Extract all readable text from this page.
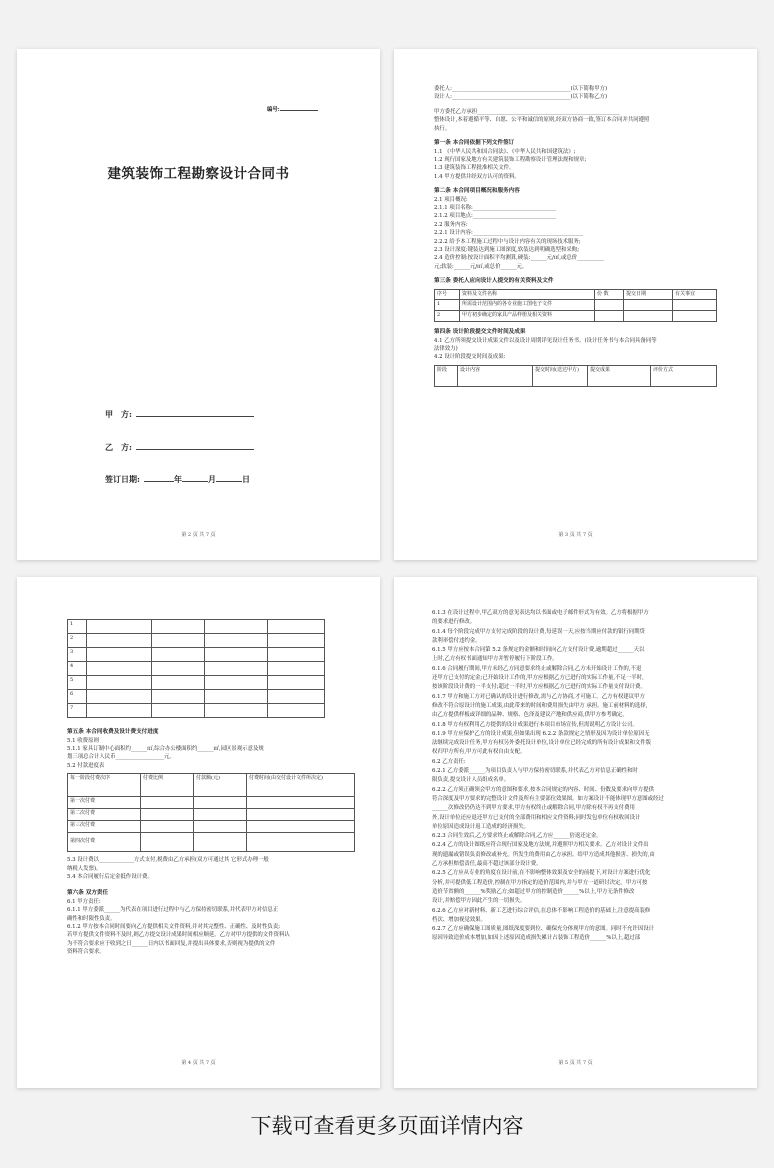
编号:
建筑装饰工程勘察设计合同书
甲　方:
乙　方:
签订日期:	年	月	日
第 2 页 共 7 页
委托人:____________________________________________(以下简称甲方)
设计人:____________________________________________(以下简称乙方)
甲方委托乙方承担_____________________________________________________
整体设计,本着遵循平等、自愿、公平和诚信的原则,经双方协商一致,签订本合同并共同遵照
执行。
第一条 本合同依据下列文件签订
1.1 《中华人民共和国合同法》、《中华人民共和国建筑法》;
1.2 现行国家及地方有关建筑装饰工程勘察设计管理法规和规章;
1.3 建筑装饰工程批准相关文件。
1.4 甲方提供并经双方认可的资料。
第二条 本合同项目概况和服务内容
2.1 项目概况:
2.1.1 项目名称:_______________________________
2.1.2 项目地点:_______________________________
2.2 服务内容:
2.2.1 设计内容:_________________________________________
2.2.2 给予本工程施工过程中与设计内容有关的现场技术服务;
2.3 设计深度:键装达到施工图深度,软装达到明确选型和采购;
2.4 造价控制:按设计面积平均测算,硬装:______元/㎡,或总价__________
元;软装:______元/㎡,或总价______元。
第三条 委托人应向设计人提交的有关资料及文件
序号	资料及文件名称	份 数	提交日期	有关事宜
1	所需设计范围内的各专业施工图电子文件			
2	甲方初步确定的家具产品样册及相关资料			
第四条 设计阶段提交文件时间及成果
4.1 乙方所须提交设计成果文件以及设计周期详见设计任务书。(设计任务书与本合同具备同等
法律效力)
4.2 设计阶段提交时间及成果:
阶段	设计内容	提交时间(送达甲方)	提交成果	评价方式
第 3 页 共 7 页
1				
2				
3				
4				
5				
6				
7				
第五条 本合同收费及设计费支付进度
5.1 收费原则
5.1.1 家具订制中心面积约______㎡,综合办公楼面积约______㎡,园区景观示意及规
划三项总合计人民币__________________元。
5.2 付款进度表
每一阶段付费次序	付费比例	付款额(元)	付费时间(由交付设计文件所决定)
第一次付费			
第二次付费			
第三次付费			
第四次付费			
5.3 设计费以_____________方式支付,税费由乙方承担(双方可通过其 它形式办理一般
纳税人发票)。
5.4 本合同履行后定金抵作设计费。
第六条 双方责任
6.1 甲方责任:
6.1.1 甲方委派______为代表在项目进行过程中与乙方保持密切联系,并代表甲方对信息正
确性和时限性负责。
6.1.2 甲方按本合同时间要向乙方提供相关文件资料,并对其完整性、正确性、及时性负责;
若甲方提供文件资料不及时,则乙方提交设计成果时间相应顺延。乙方对甲方提供的文件资料认
为不符合要求应于收到之日______日内以书面回复,并提出具体要求,否则视为提供的文件
资料符合要求。
第 4 页 共 7 页
6.1.3 在设计过程中,甲乙双方的意见表达均以书面或电子邮件形式为有效。乙方将根据甲方
的要求进行修改。
6.1.4 每个阶段完成甲方支付完成阶段的设计费,每延误一天,应按当期应付款的银行同期贷
款利率偿付违约金。
6.1.5 甲方应按本合同第 5.2 条规定的金额和时间向乙方支付设计费,逾期超过______天以
上时,乙方有权书面通知甲方并暂停履行下阶段工作。
6.1.6 合同履行期间,甲方未经乙方同意要求终止或解除合同,乙方未开始设计工作的,不退
还甲方已支付的定金;已开始设计工作的,甲方应根据乙方已进行的实际工作量,不足一半时,
按该阶段设计费的一半支付;超过一半时,甲方应根据乙方已进行的实际工作量支付设计费。
6.1.7 甲方和施工方对已确认的设计进行修改,需与乙方协商,才可施工。乙方有权建议甲方
修改不符合原设计的施工成果,由此带来的时间和费用损失由甲方 承担。施工前材料的选择,
由乙方提供样板或详细的品种、规格、色泽及建议产地和供应商,供甲方参考确定。
6.1.8 甲方有权利用乙方提供的设计成果进行本项目市场宣传,但需说明乙方设计公司。
6.1.9 甲方应保护乙方的设计成果,但如果出现 6.2.2 条款规定之情形及因为设计单位原因无
法继续完成设计任务,甲方有权另外委托设计单位,设计单位已经完成的所有设计成果和文件版
权归甲方所有,甲方可此有权自由支配。
6.2 乙方责任:
6.2.1 乙方委派______为项目负责人与甲方保持密切联系,并代表乙方对信息正确性和时
限负责,提交设计人员组成名单。
6.2.2 乙方须正确领会甲方的意图和要求,按本合同规定的内容、时间、份数及要求向甲方提供
符合深度及甲方要求的完整设计文件及所有主要部位效果图。如方案设计不能体现甲方意图或经过
______次修改仍仍达不到甲方要求,甲方有权终止或解除合同,甲方除有权不再支付费用
外,设计单位还应退还甲方已支付的全部费用和相应文件资料;同时发包单位有权收回设计
单位原因造成设计返工造成的经济损失。
6.2.3 合同生效后,乙方要求终止或解除合同,乙方应______倍返还定金。
6.2.4 乙方的设计图纸应符合现行国家及地方法规,并遵照甲方相关要求。乙方对设计文件出
现的遗漏或错误负责修改或补充。所发生的费用由乙方承担。给甲方造成其他损害、损失的,由
乙方承担赔偿责任,最高不超过该部分设计费。
6.2.5 乙方应从专业的角度在设计前,在不影响整体效果及安全的前提下,对设计方案进行优化
分析,并可提供低工程造价,控制在甲方指定的造价范围内,并与甲方一道研讨决定。甲方可按
造价节省额的______%奖励乙方;如超过甲方的控制造价______%以上,甲方无条件修改
设计,并赔偿甲方因此产生的一切损失。
6.2.6 乙方应对新材料、新工艺进行综合评估,在总体不影响工程造价的基础上,注意提高装修
档次、增加视觉效果。
6.2.7 乙方应确保施工图质量,图纸深度要到位、确保充分体现甲方的意图。同时不允许因设计
原因导致造价成本增加,如因上述原因造成损失累计占装饰工程造价______%以上,超过部
第 5 页 共 7 页
下载可查看更多页面详情内容
